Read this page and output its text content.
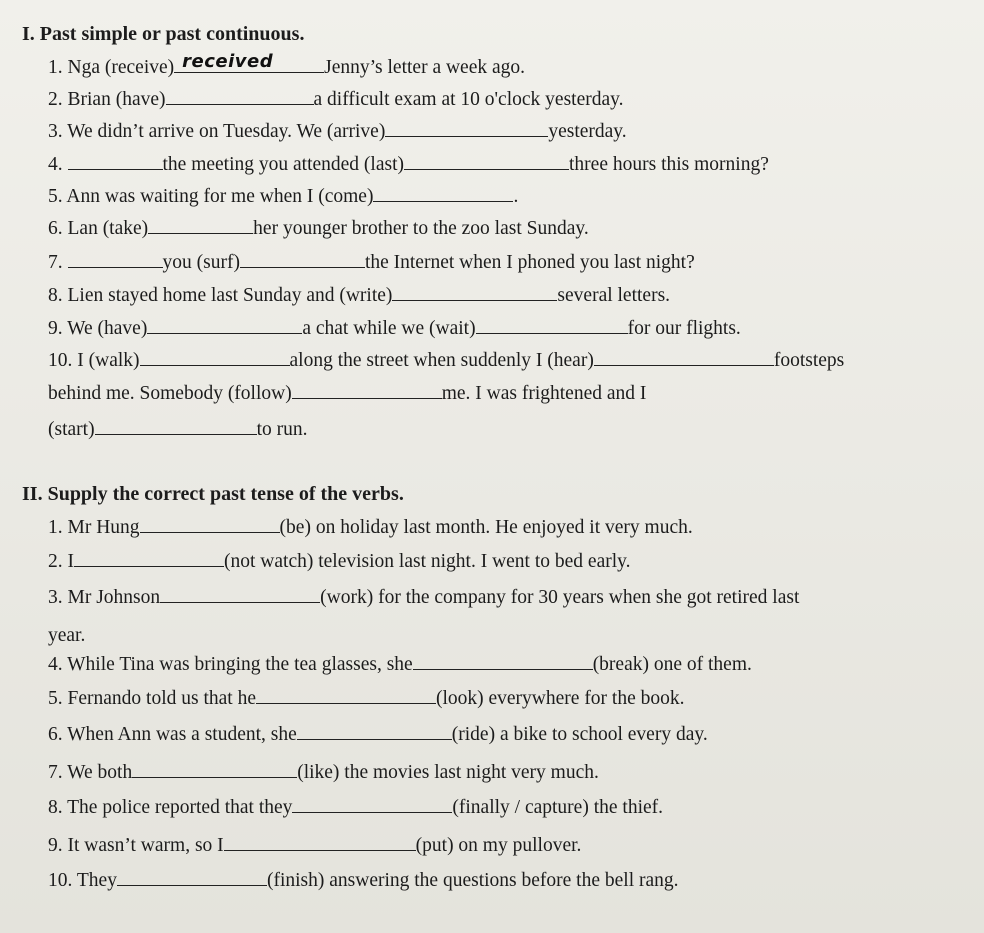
I. Past simple or past continuous.
1. Nga (receive) received	Jenny’s letter a week ago.
2. Brian (have)	a difficult exam at 10 o'clock yesterday.
3. We didn’t arrive on Tuesday. We (arrive)	yesterday.
4.	the meeting you attended (last)	three hours this morning?
5. Ann was waiting for me when I (come)	.
6. Lan (take)	her younger brother to the zoo last Sunday.
7.	you (surf)	the Internet when I phoned you last night?
8. Lien stayed home last Sunday and (write)	several letters.
9. We (have)	a chat while we (wait)	for our flights.
10. I (walk)	along the street when suddenly I (hear)	footsteps
behind me. Somebody (follow)	me. I was frightened and I
(start)	to run.
II. Supply the correct past tense of the verbs.
1. Mr Hung	(be) on holiday last month. He enjoyed it very much.
2. I	(not watch) television last night. I went to bed early.
3. Mr Johnson	(work) for the company for 30 years when she got retired last
year.
4. While Tina was bringing the tea glasses, she	(break) one of them.
5. Fernando told us that he	(look) everywhere for the book.
6. When Ann was a student, she	(ride) a bike to school every day.
7. We both	(like) the movies last night very much.
8. The police reported that they	(finally / capture) the thief.
9. It wasn’t warm, so I	(put) on my pullover.
10. They	(finish) answering the questions before the bell rang.
